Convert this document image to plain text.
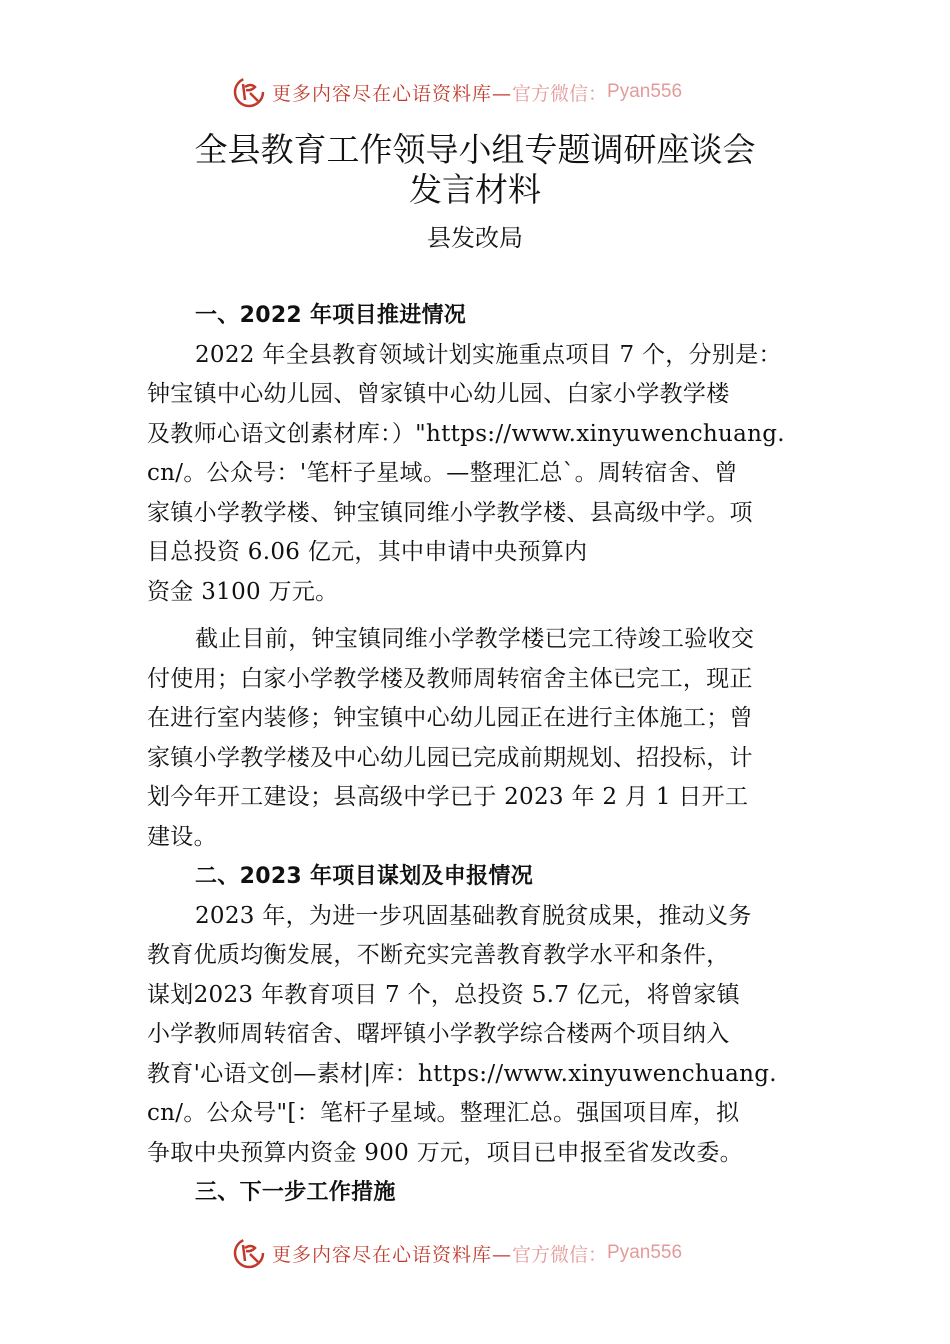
更多内容尽在心语资料库— 官方微信： Pyan556
全县教育工作领导小组专题调研座谈会
发言材料
县发改局
一、2022 年项目推进情况
2022 年全县教育领域计划实施重点项目 7 个，分别是：
钟宝镇中心幼儿园、曾家镇中心幼儿园、白家小学教学楼
及教师心语文创素材库：）"https://www.xinyuwenchuang.
cn/。公众号：'笔杆子星域。—整理汇总`。周转宿舍、曾
家镇小学教学楼、钟宝镇同维小学教学楼、县高级中学。项
目总投资 6.06 亿元，其中申请中央预算内
资金 3100 万元。
截止目前，钟宝镇同维小学教学楼已完工待竣工验收交
付使用；白家小学教学楼及教师周转宿舍主体已完工，现正
在进行室内装修；钟宝镇中心幼儿园正在进行主体施工；曾
家镇小学教学楼及中心幼儿园已完成前期规划、招投标，计
划今年开工建设；县高级中学已于 2023 年 2 月 1 日开工
建设。
二、2023 年项目谋划及申报情况
2023 年，为进一步巩固基础教育脱贫成果，推动义务
教育优质均衡发展，不断充实完善教育教学水平和条件，
谋划2023 年教育项目 7 个，总投资 5.7 亿元，将曾家镇
小学教师周转宿舍、曙坪镇小学教学综合楼两个项目纳入
教育'心语文创—素材|库：https://www.xinyuwenchuang.
cn/。公众号"[：笔杆子星域。整理汇总。强国项目库，拟
争取中央预算内资金 900 万元，项目已申报至省发改委。
三、下一步工作措施
更多内容尽在心语资料库— 官方微信： Pyan556
